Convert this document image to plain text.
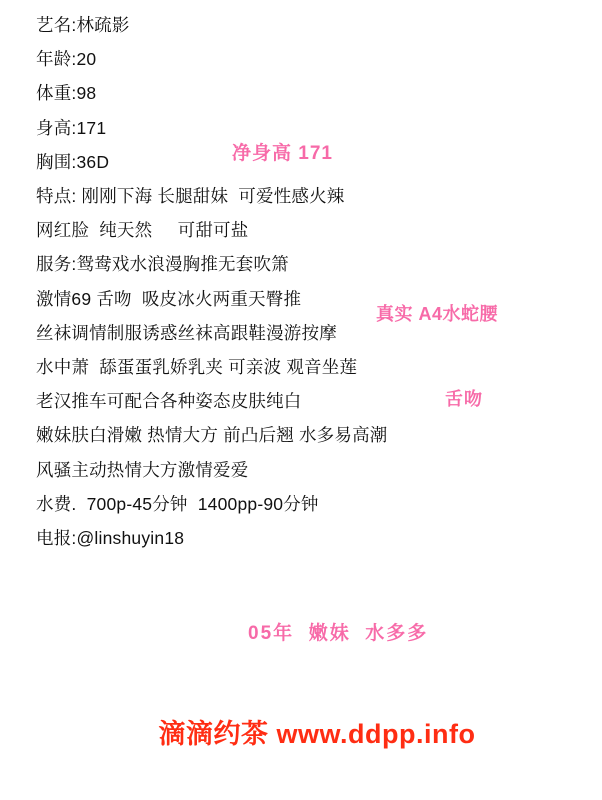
艺名:林疏影
年龄:20
体重:98
身高:171
胸围:36D
特点: 刚刚下海 长腿甜妹  可爱性感火辣
网红脸  纯天然     可甜可盐
服务:鸳鸯戏水浪漫胸推无套吹箫
激情69 舌吻  吸皮冰火两重天臀推
丝袜调情制服诱惑丝袜高跟鞋漫游按摩
水中萧  舔蛋蛋乳娇乳夹 可亲波 观音坐莲
老汉推车可配合各种姿态皮肤纯白
嫩妹肤白滑嫩 热情大方 前凸后翘 水多易高潮
风骚主动热情大方激情爱爱
水费.  700p-45分钟  1400pp-90分钟
电报:@linshuyin18
净身高 171
真实 A4水蛇腰
舌吻
05年  嫩妹  水多多

滴滴约茶 www.ddpp.info
